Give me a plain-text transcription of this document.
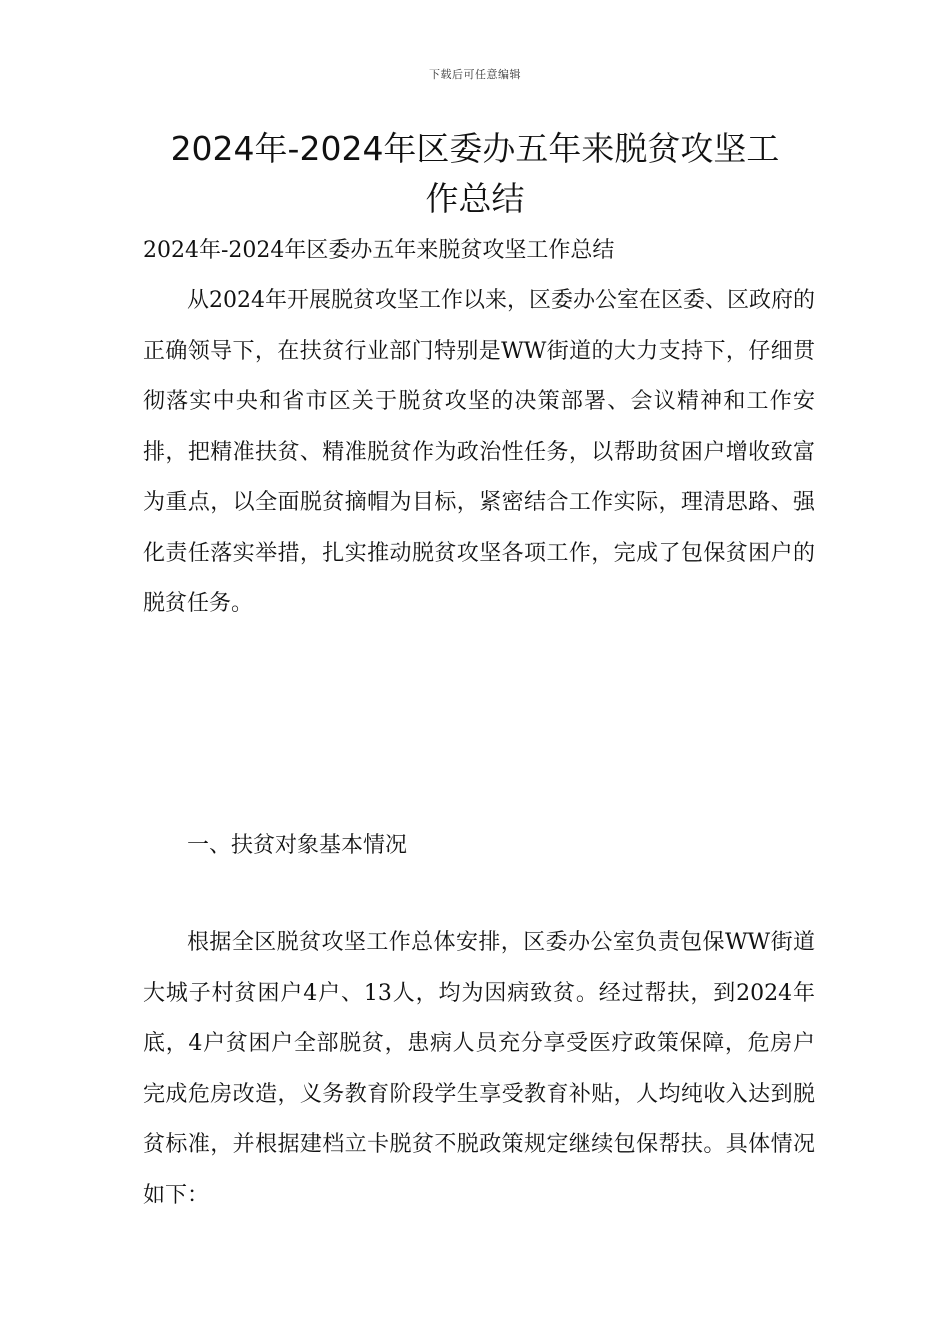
下载后可任意编辑
2024年-2024年区委办五年来脱贫攻坚工
作总结
2024年-2024年区委办五年来脱贫攻坚工作总结

从2024年开展脱贫攻坚工作以来，区委办公室在区委、区政府的正确领导下，在扶贫行业部门特别是WW街道的大力支持下，仔细贯彻落实中央和省市区关于脱贫攻坚的决策部署、会议精神和工作安排，把精准扶贫、精准脱贫作为政治性任务，以帮助贫困户增收致富为重点，以全面脱贫摘帽为目标，紧密结合工作实际，理清思路、强化责任落实举措，扎实推动脱贫攻坚各项工作，完成了包保贫困户的脱贫任务。

一、扶贫对象基本情况

根据全区脱贫攻坚工作总体安排，区委办公室负责包保WW街道大城子村贫困户4户、13人，均为因病致贫。经过帮扶，到2024年底，4户贫困户全部脱贫，患病人员充分享受医疗政策保障，危房户完成危房改造，义务教育阶段学生享受教育补贴，人均纯收入达到脱贫标准，并根据建档立卡脱贫不脱政策规定继续包保帮扶。具体情况如下：
